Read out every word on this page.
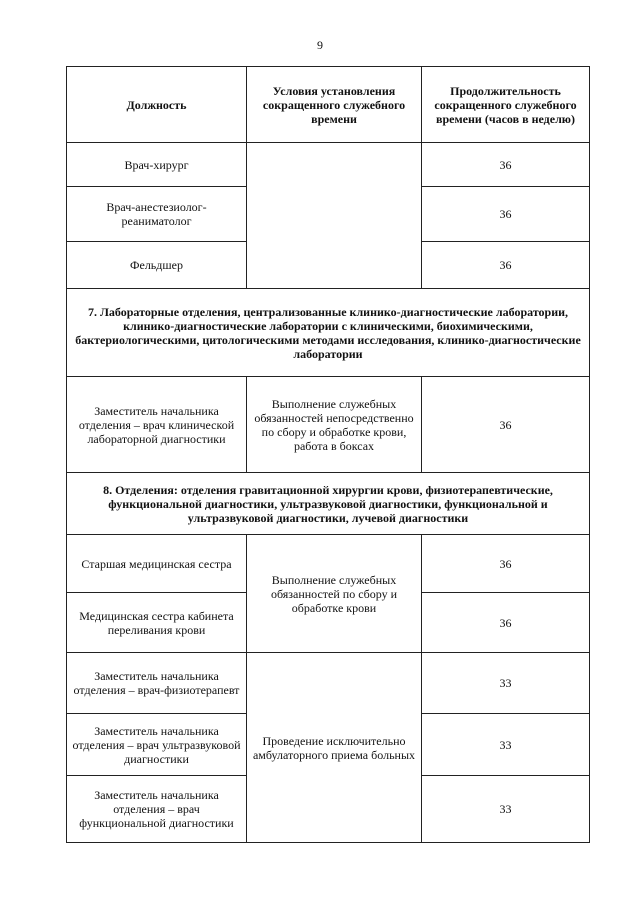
9
Должность	Условия установления сокращенного служебного времени	Продолжительность сокращенного служебного времени (часов в неделю)
Врач-хирург		36
Врач-анестезиолог-реаниматолог		36
Фельдшер		36
7. Лабораторные отделения, централизованные клинико-диагностические лаборатории, клинико-диагностические лаборатории с клиническими, биохимическими, бактериологическими, цитологическими методами исследования, клинико-диагностические лаборатории		
Заместитель начальника отделения – врач клинической лабораторной диагностики	Выполнение служебных обязанностей непосредственно по сбору и обработке крови, работа в боксах	36
8. Отделения: отделения гравитационной хирургии крови, физиотерапевтические, функциональной диагностики, ультразвуковой диагностики, функциональной и ультразвуковой диагностики, лучевой диагностики		
Старшая медицинская сестра	Выполнение служебных обязанностей по сбору и обработке крови	36
Медицинская сестра кабинета переливания крови		36
Заместитель начальника отделения – врач-физиотерапевт	Проведение исключительно амбулаторного приема больных	33
Заместитель начальника отделения – врач ультразвуковой диагностики		33
Заместитель начальника отделения – врач функциональной диагностики		33
